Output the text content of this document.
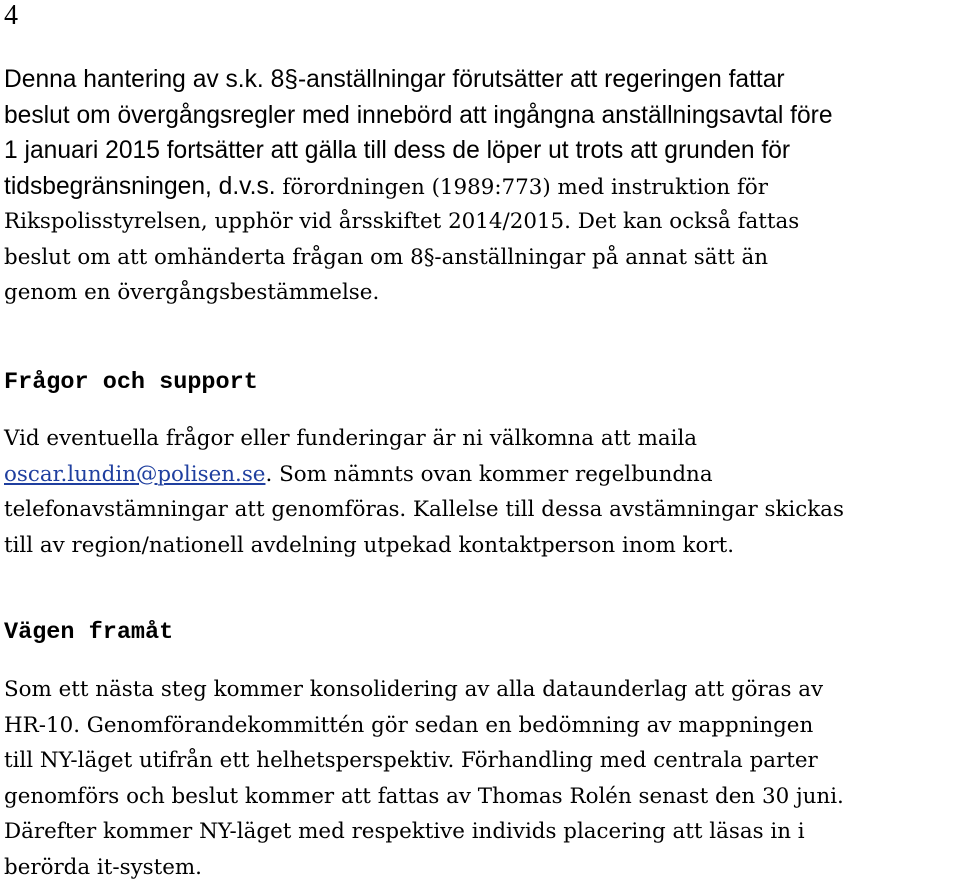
4
Denna hantering av s.k. 8§-anställningar förutsätter att regeringen fattar
beslut om övergångsregler med innebörd att ingångna anställningsavtal före
1 januari 2015 fortsätter att gälla till dess de löper ut trots att grunden för
tidsbegränsningen, d.v.s. förordningen (1989:773) med instruktion för
Rikspolisstyrelsen, upphör vid årsskiftet 2014/2015. Det kan också fattas
beslut om att omhänderta frågan om 8§-anställningar på annat sätt än
genom en övergångsbestämmelse.
Frågor och support
Vid eventuella frågor eller funderingar är ni välkomna att maila
oscar.lundin@polisen.se. Som nämnts ovan kommer regelbundna
telefonavstämningar att genomföras. Kallelse till dessa avstämningar skickas
till av region/nationell avdelning utpekad kontaktperson inom kort.
Vägen framåt
Som ett nästa steg kommer konsolidering av alla dataunderlag att göras av
HR-10. Genomförandekommittén gör sedan en bedömning av mappningen
till NY-läget utifrån ett helhetsperspektiv. Förhandling med centrala parter
genomförs och beslut kommer att fattas av Thomas Rolén senast den 30 juni.
Därefter kommer NY-läget med respektive individs placering att läsas in i
berörda it-system.
